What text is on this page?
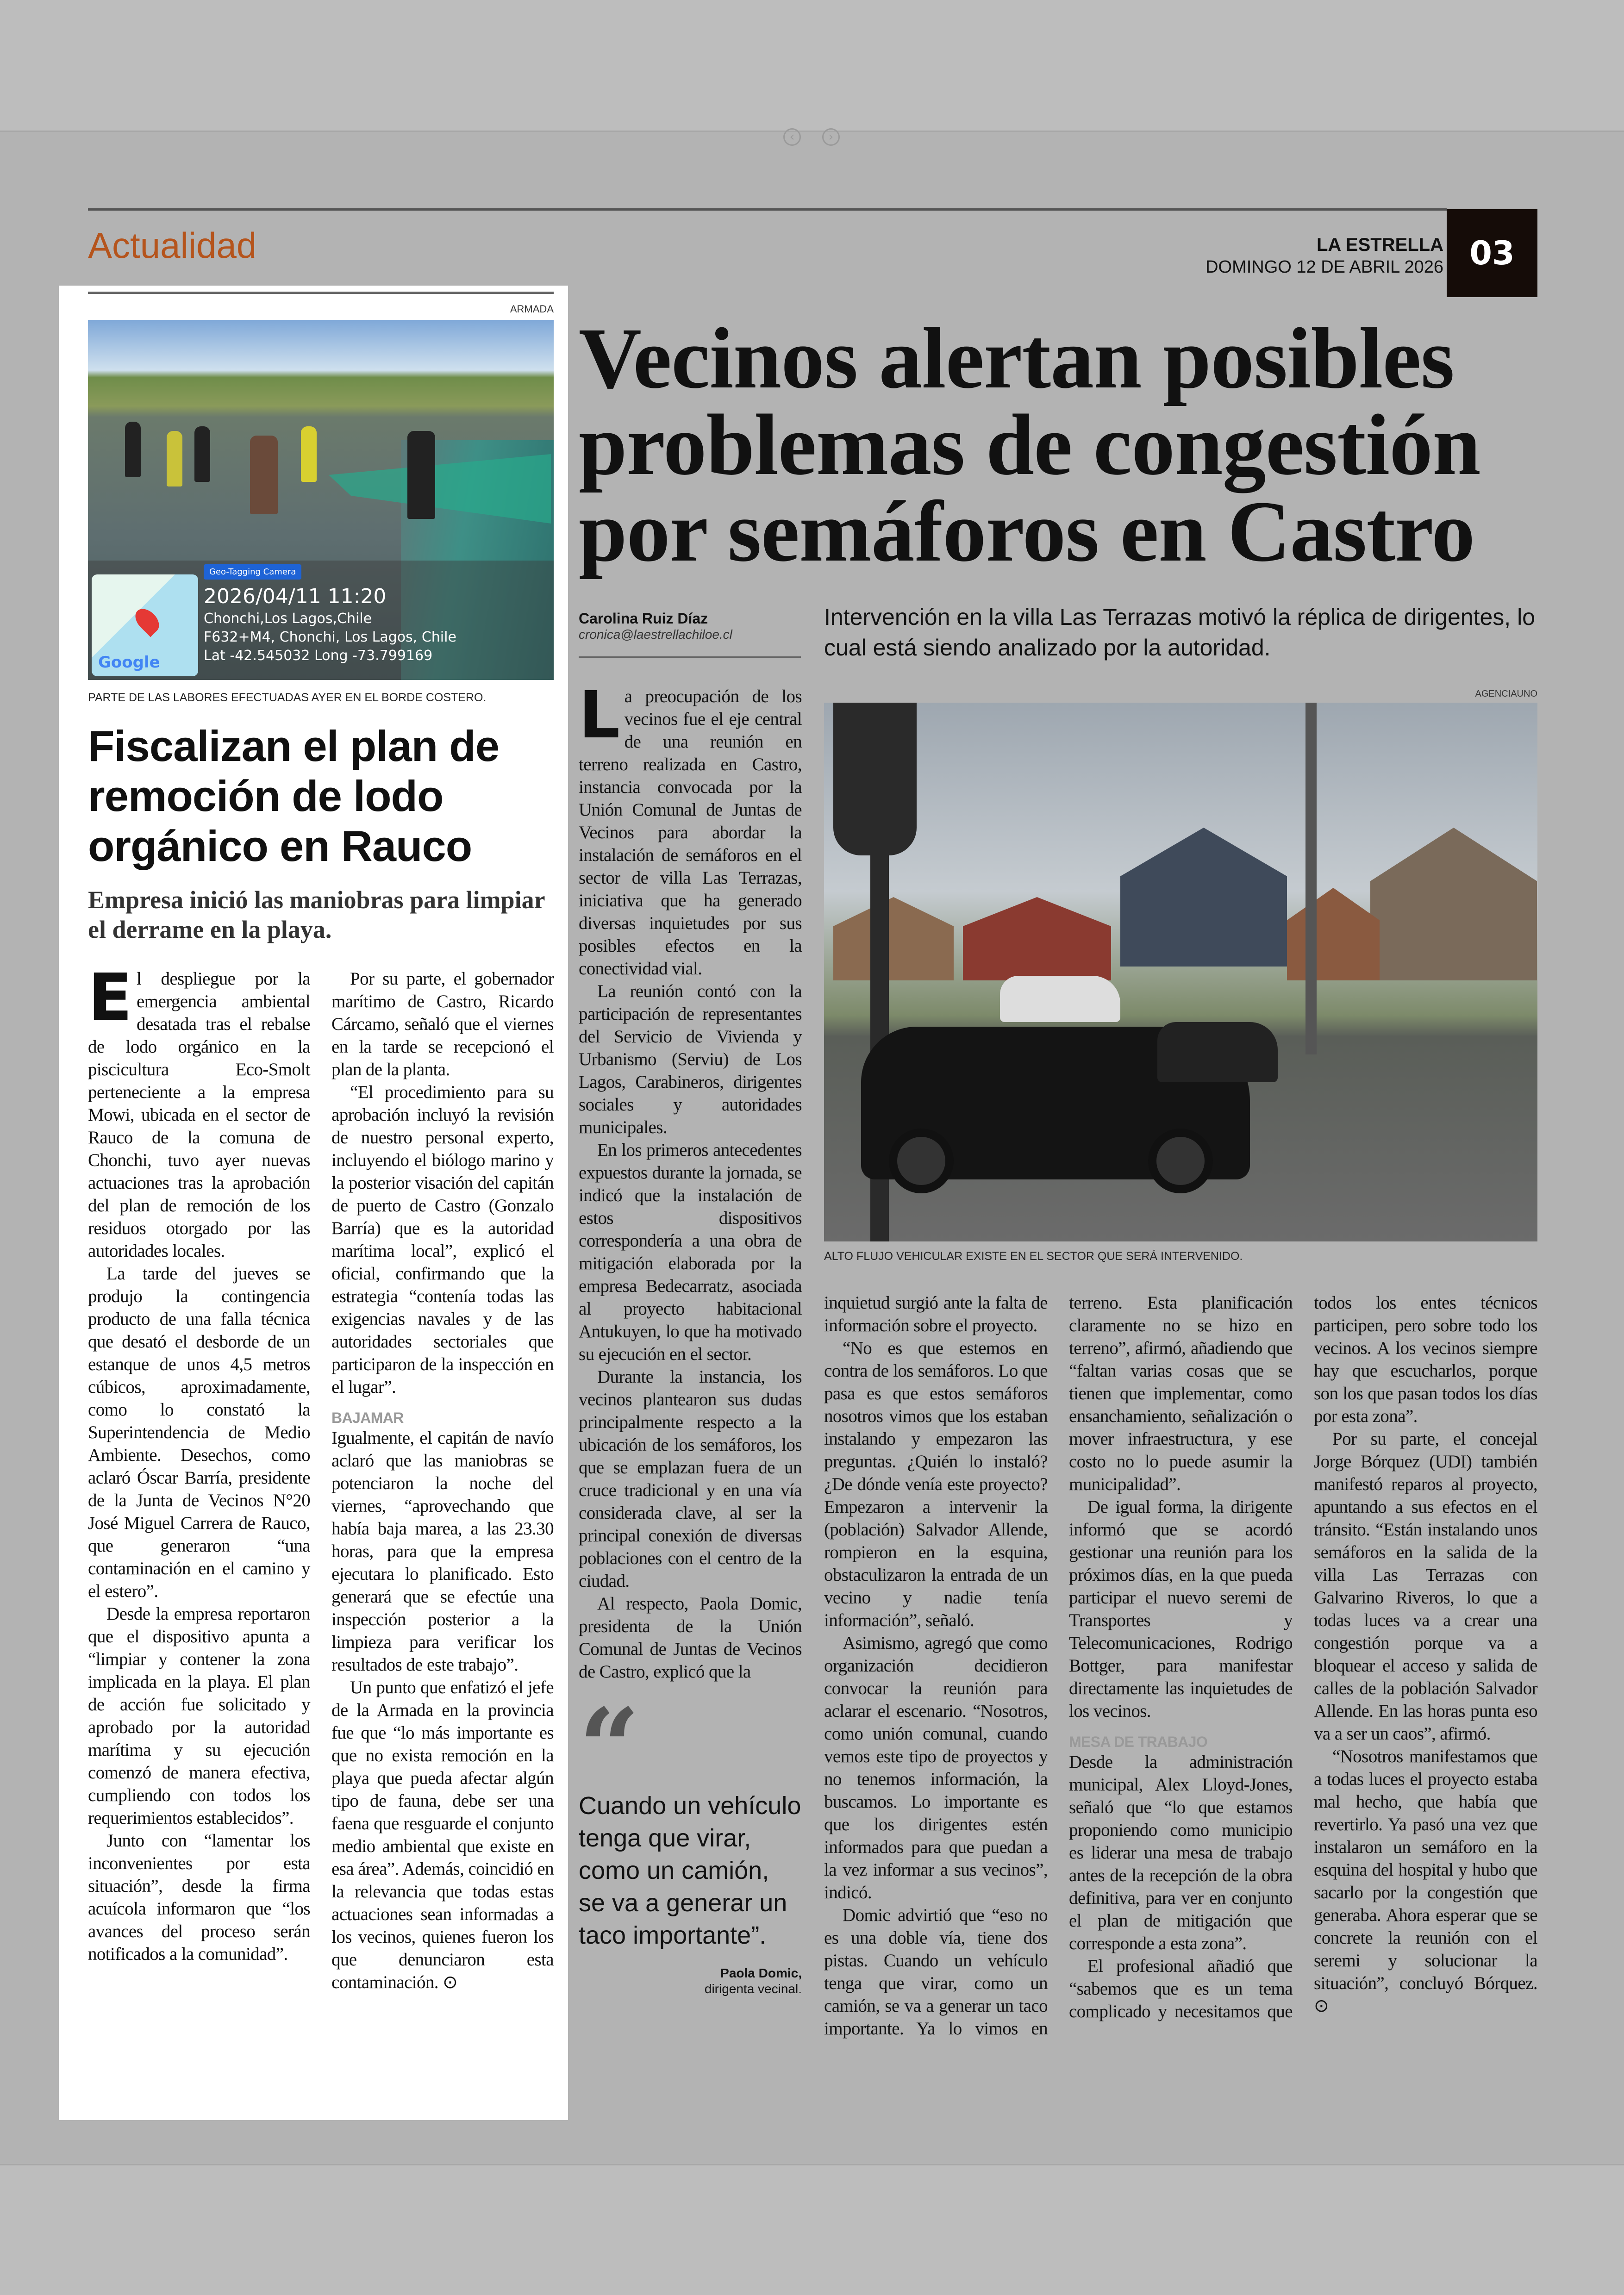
‹	›
Actualidad	LA ESTRELLA
DOMINGO 12 DE ABRIL 2026 03
ARMADA
Google
Geo-Tagging Camera
2026/04/11 11:20
Chonchi,Los Lagos,Chile
F632+M4, Chonchi, Los Lagos, Chile
Lat -42.545032 Long -73.799169
PARTE DE LAS LABORES EFECTUADAS AYER EN EL BORDE COSTERO.
Fiscalizan el plan de remoción de lodo orgánico en Rauco
Empresa inició las maniobras para limpiar el derrame en la playa.

El despliegue por la emergencia ambiental desatada tras el rebalse de lodo orgánico en la piscicultura Eco-Smolt perteneciente a la empresa Mowi, ubicada en el sector de Rauco de la comuna de Chonchi, tuvo ayer nuevas actuaciones tras la aprobación del plan de remoción de los residuos otorgado por las autoridades locales.

La tarde del jueves se produjo la contingencia producto de una falla técnica que desató el desborde de un estanque de unos 4,5 metros cúbicos, aproximadamente, como lo constató la Superintendencia de Medio Ambiente. Desechos, como aclaró Óscar Barría, presidente de la Junta de Vecinos N°20 José Miguel Carrera de Rauco, que generaron “una contaminación en el camino y el estero”.

Desde la empresa reportaron que el dispositivo apunta a “limpiar y contener la zona implicada en la playa. El plan de acción fue solicitado y aprobado por la autoridad marítima y su ejecución comenzó de manera efectiva, cumpliendo con todos los requerimientos establecidos”.

Junto con “lamentar los inconvenientes por esta situación”, desde la firma acuícola informaron que “los avances del proceso serán notificados a la comunidad”.

Por su parte, el gobernador marítimo de Castro, Ricardo Cárcamo, señaló que el viernes en la tarde se recepcionó el plan de la planta.

“El procedimiento para su aprobación incluyó la revisión de nuestro personal experto, incluyendo el biólogo marino y la posterior visación del capitán de puerto de Castro (Gonzalo Barría) que es la autoridad marítima local”, explicó el oficial, confirmando que la estrategia “contenía todas las exigencias navales y de las autoridades sectoriales que participaron de la inspección en el lugar”.

BAJAMAR

Igualmente, el capitán de navío aclaró que las maniobras se potenciaron la noche del viernes, “aprovechando que había baja marea, a las 23.30 horas, para que la empresa ejecutara lo planificado. Esto generará que se efectúe una inspección posterior a la limpieza para verificar los resultados de este trabajo”.

Un punto que enfatizó el jefe de la Armada en la provincia fue que “lo más importante es que no exista remoción en la playa que pueda afectar algún tipo de fauna, debe ser una faena que resguarde el conjunto medio ambiental que existe en esa área”. Además, coincidió en la relevancia que todas estas actuaciones sean informadas a los vecinos, quienes fueron los que denunciaron esta contaminación. ⊙

Vecinos alertan posibles
problemas de congestión
por semáforos en Castro
Carolina Ruiz Díaz
cronica@laestrellachiloe.cl
Intervención en la villa Las Terrazas motivó la réplica de dirigentes, lo cual está siendo analizado por la autoridad.
AGENCIAUNO
ALTO FLUJO VEHICULAR EXISTE EN EL SECTOR QUE SERÁ INTERVENIDO.

La preocupación de los vecinos fue el eje central de una reunión en terreno realizada en Castro, instancia convocada por la Unión Comunal de Juntas de Vecinos para abordar la instalación de semáforos en el sector de villa Las Terrazas, iniciativa que ha generado diversas inquietudes por sus posibles efectos en la conectividad vial.

La reunión contó con la participación de representantes del Servicio de Vivienda y Urbanismo (Serviu) de Los Lagos, Carabineros, dirigentes sociales y autoridades municipales.

En los primeros antecedentes expuestos durante la jornada, se indicó que la instalación de estos dispositivos correspondería a una obra de mitigación elaborada por la empresa Bedecarratz, asociada al proyecto habitacional Antukuyen, lo que ha motivado su ejecución en el sector.

Durante la instancia, los vecinos plantearon sus dudas principalmente respecto a la ubicación de los semáforos, los que se emplazan fuera de un cruce tradicional y en una vía considerada clave, al ser la principal conexión de diversas poblaciones con el centro de la ciudad.

Al respecto, Paola Domic, presidenta de la Unión Comunal de Juntas de Vecinos de Castro, explicó que la

“
Cuando un vehículo tenga que virar, como un camión, se va a generar un taco importante”.
Paola Domic,
dirigenta vecinal.

inquietud surgió ante la falta de información sobre el proyecto.

“No es que estemos en contra de los semáforos. Lo que pasa es que estos semáforos nosotros vimos que los estaban instalando y empezaron las preguntas. ¿Quién lo instaló? ¿De dónde venía este proyecto? Empezaron a intervenir la (población) Salvador Allende, rompieron en la esquina, obstaculizaron la entrada de un vecino y nadie tenía información”, señaló.

Asimismo, agregó que como organización decidieron convocar la reunión para aclarar el escenario. “Nosotros, como unión comunal, cuando vemos este tipo de proyectos y no tenemos información, la buscamos. Lo importante es que los dirigentes estén informados para que puedan a la vez informar a sus vecinos”, indicó.

Domic advirtió que “eso no es una doble vía, tiene dos pistas. Cuando un vehículo tenga que virar, como un camión, se va a generar un taco importante. Ya lo vimos en terreno. Esta planificación claramente no se hizo en terreno”, afirmó, añadiendo que “faltan varias cosas que se tienen que implementar, como ensanchamiento, señalización o mover infraestructura, y ese costo no lo puede asumir la municipalidad”.

De igual forma, la dirigente informó que se acordó gestionar una reunión para los próximos días, en la que pueda participar el nuevo seremi de Transportes y Telecomunicaciones, Rodrigo Bottger, para manifestar directamente las inquietudes de los vecinos.

MESA DE TRABAJO

Desde la administración municipal, Alex Lloyd-Jones, señaló que “lo que estamos proponiendo como municipio es liderar una mesa de trabajo antes de la recepción de la obra definitiva, para ver en conjunto el plan de mitigación que corresponde a esta zona”.

El profesional añadió que “sabemos que es un tema complicado y necesitamos que todos los entes técnicos participen, pero sobre todo los vecinos. A los vecinos siempre hay que escucharlos, porque son los que pasan todos los días por esta zona”.

Por su parte, el concejal Jorge Bórquez (UDI) también manifestó reparos al proyecto, apuntando a sus efectos en el tránsito. “Están instalando unos semáforos en la salida de la villa Las Terrazas con Galvarino Riveros, lo que a todas luces va a crear una congestión porque va a bloquear el acceso y salida de calles de la población Salvador Allende. En las horas punta eso va a ser un caos”, afirmó.

“Nosotros manifestamos que a todas luces el proyecto estaba mal hecho, que había que revertirlo. Ya pasó una vez que instalaron un semáforo en la esquina del hospital y hubo que sacarlo por la congestión que generaba. Ahora esperar que se concrete la reunión con el seremi y solucionar la situación”, concluyó Bórquez. ⊙
